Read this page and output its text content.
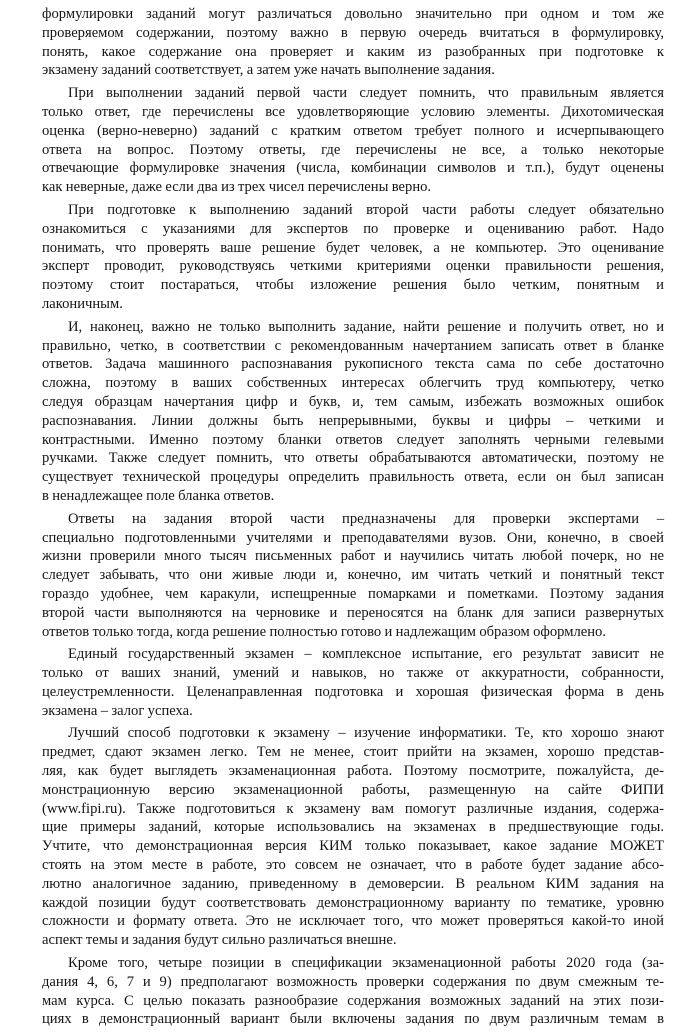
формулировки заданий могут различаться довольно значительно при одном и том же
проверяемом содержании, поэтому важно в первую очередь вчитаться в формулировку,
понять, какое содержание она проверяет и каким из разобранных при подготовке к
экзамену заданий соответствует, а затем уже начать выполнение задания.
При выполнении заданий первой части следует помнить, что правильным является
только ответ, где перечислены все удовлетворяющие условию элементы. Дихотомическая
оценка (верно-неверно) заданий с кратким ответом требует полного и исчерпывающего
ответа на вопрос. Поэтому ответы, где перечислены не все, а только некоторые
отвечающие формулировке значения (числа, комбинации символов и т.п.), будут оценены
как неверные, даже если два из трех чисел перечислены верно.
При подготовке к выполнению заданий второй части работы следует обязательно
ознакомиться с указаниями для экспертов по проверке и оцениванию работ. Надо
понимать, что проверять ваше решение будет человек, а не компьютер. Это оценивание
эксперт проводит, руководствуясь четкими критериями оценки правильности решения,
поэтому стоит постараться, чтобы изложение решения было четким, понятным и
лаконичным.
И, наконец, важно не только выполнить задание, найти решение и получить ответ, но и
правильно, четко, в соответствии с рекомендованным начертанием записать ответ в бланке
ответов. Задача машинного распознавания рукописного текста сама по себе достаточно
сложна, поэтому в ваших собственных интересах облегчить труд компьютеру, четко
следуя образцам начертания цифр и букв, и, тем самым, избежать возможных ошибок
распознавания. Линии должны быть непрерывными, буквы и цифры – четкими и
контрастными. Именно поэтому бланки ответов следует заполнять черными гелевыми
ручками. Также следует помнить, что ответы обрабатываются автоматически, поэтому не
существует технической процедуры определить правильность ответа, если он был записан
в ненадлежащее поле бланка ответов.
Ответы на задания второй части предназначены для проверки экспертами –
специально подготовленными учителями и преподавателями вузов. Они, конечно, в своей
жизни проверили много тысяч письменных работ и научились читать любой почерк, но не
следует забывать, что они живые люди и, конечно, им читать четкий и понятный текст
гораздо удобнее, чем каракули, испещренные помарками и пометками. Поэтому задания
второй части выполняются на черновике и переносятся на бланк для записи развернутых
ответов только тогда, когда решение полностью готово и надлежащим образом оформлено.
Единый государственный экзамен – комплексное испытание, его результат зависит не
только от ваших знаний, умений и навыков, но также от аккуратности, собранности,
целеустремленности. Целенаправленная подготовка и хорошая физическая форма в день
экзамена – залог успеха.
Лучший способ подготовки к экзамену – изучение информатики. Те, кто хорошо знают
предмет, сдают экзамен легко. Тем не менее, стоит прийти на экзамен, хорошо представ-
ляя, как будет выглядеть экзаменационная работа. Поэтому посмотрите, пожалуйста, де-
монстрационную версию экзаменационной работы, размещенную на сайте ФИПИ
(www.fipi.ru). Также подготовиться к экзамену вам помогут различные издания, содержа-
щие примеры заданий, которые использовались на экзаменах в предшествующие годы.
Учтите, что демонстрационная версия КИМ только показывает, какое задание МОЖЕТ
стоять на этом месте в работе, это совсем не означает, что в работе будет задание абсо-
лютно аналогичное заданию, приведенному в демоверсии. В реальном КИМ задания на
каждой позиции будут соответствовать демонстрационному варианту по тематике, уровню
сложности и формату ответа. Это не исключает того, что может проверяться какой-то иной
аспект темы и задания будут сильно различаться внешне.
Кроме того, четыре позиции в спецификации экзаменационной работы 2020 года (за-
дания 4, 6, 7 и 9) предполагают возможность проверки содержания по двум смежным те-
мам курса. С целью показать разнообразие содержания возможных заданий на этих пози-
циях в демонстрационный вариант были включены задания по двум различным темам в
